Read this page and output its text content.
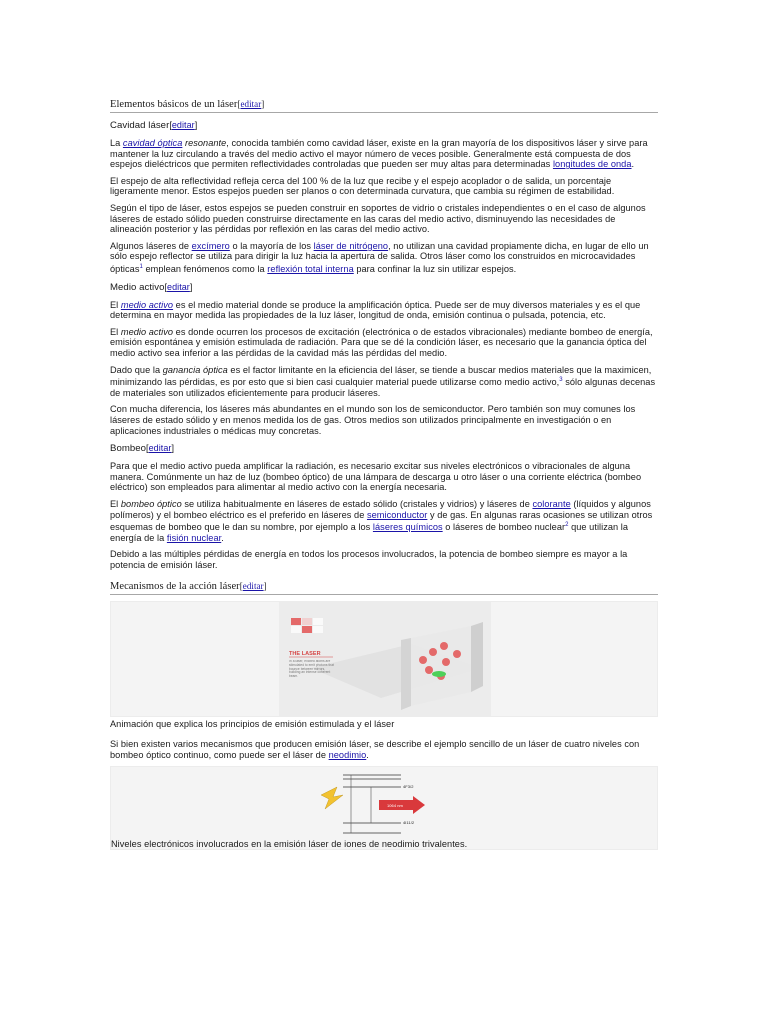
Elementos básicos de un láser[editar]
Cavidad láser[editar]

La cavidad óptica resonante, conocida también como cavidad láser, existe en la gran mayoría de los dispositivos láser y sirve para mantener la luz circulando a través del medio activo el mayor número de veces posible. Generalmente está compuesta de dos espejos dieléctricos que permiten reflectividades controladas que pueden ser muy altas para determinadas longitudes de onda.

El espejo de alta reflectividad refleja cerca del 100 % de la luz que recibe y el espejo acoplador o de salida, un porcentaje ligeramente menor. Estos espejos pueden ser planos o con determinada curvatura, que cambia su régimen de estabilidad.

Según el tipo de láser, estos espejos se pueden construir en soportes de vidrio o cristales independientes o en el caso de algunos láseres de estado sólido pueden construirse directamente en las caras del medio activo, disminuyendo las necesidades de alineación posterior y las pérdidas por reflexión en las caras del medio activo.

Algunos láseres de excímero o la mayoría de los láser de nitrógeno, no utilizan una cavidad propiamente dicha, en lugar de ello un sólo espejo reflector se utiliza para dirigir la luz hacia la apertura de salida. Otros láser como los construidos en microcavidades ópticas$^1$ emplean fenómenos como la reflexión total interna para confinar la luz sin utilizar espejos.

Medio activo[editar]

El medio activo es el medio material donde se produce la amplificación óptica. Puede ser de muy diversos materiales y es el que determina en mayor medida las propiedades de la luz láser, longitud de onda, emisión continua o pulsada, potencia, etc.

El medio activo es donde ocurren los procesos de excitación (electrónica o de estados vibracionales) mediante bombeo de energía, emisión espontánea y emisión estimulada de radiación. Para que se dé la condición láser, es necesario que la ganancia óptica del medio activo sea inferior a las pérdidas de la cavidad más las pérdidas del medio.

Dado que la ganancia óptica es el factor limitante en la eficiencia del láser, se tiende a buscar medios materiales que la maximicen, minimizando las pérdidas, es por esto que si bien casi cualquier material puede utilizarse como medio activo,$^3$ sólo algunas decenas de materiales son utilizados eficientemente para producir láseres.

Con mucha diferencia, los láseres más abundantes en el mundo son los de semiconductor. Pero también son muy comunes los láseres de estado sólido y en menos medida los de gas. Otros medios son utilizados principalmente en investigación o en aplicaciones industriales o médicas muy concretas.

Bombeo[editar]

Para que el medio activo pueda amplificar la radiación, es necesario excitar sus niveles electrónicos o vibracionales de alguna manera. Comúnmente un haz de luz (bombeo óptico) de una lámpara de descarga u otro láser o una corriente eléctrica (bombeo eléctrico) son empleados para alimentar al medio activo con la energía necesaria.

El bombeo óptico se utiliza habitualmente en láseres de estado sólido (cristales y vidrios) y láseres de colorante (líquidos y algunos polímeros) y el bombeo eléctrico es el preferido en láseres de semiconductor y de gas. En algunas raras ocasiones se utilizan otros esquemas de bombeo que le dan su nombre, por ejemplo a los láseres químicos o láseres de bombeo nuclear$^2$ que utilizan la energía de la fisión nuclear.

Debido a las múltiples pérdidas de energía en todos los procesos involucrados, la potencia de bombeo siempre es mayor a la potencia de emisión láser.

Mecanismos de la acción láser[editar]
THE LASER
In a laser, excited atoms are stimulated to emit photons that bounce between mirrors, building an intense coherent beam.

Animación que explica los principios de emisión estimulada y el láser

Si bien existen varios mecanismos que producen emisión láser, se describe el ejemplo sencillo de un láser de cuatro niveles con bombeo óptico continuo, como puede ser el láser de neodimio.

4F3/2
4I11/2
1064 nm

Niveles electrónicos involucrados en la emisión láser de iones de neodimio trivalentes.
